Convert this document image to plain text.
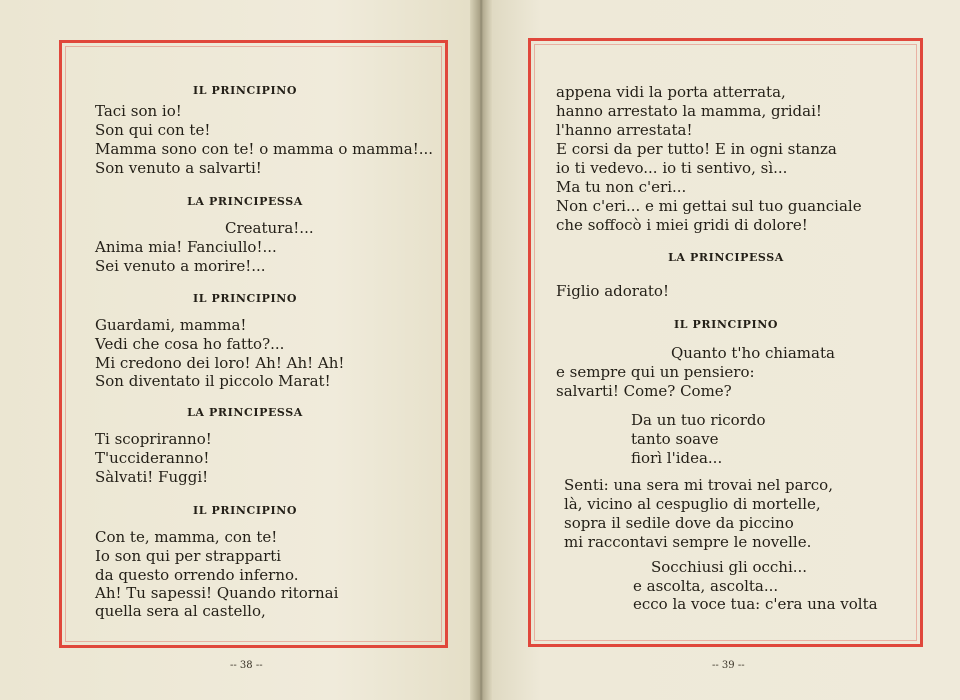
IL PRINCIPINO
Taci son io!
Son qui con te!
Mamma sono con te! o mamma o mamma!...
Son venuto a salvarti!
LA PRINCIPESSA
Creatura!...
Anima mia! Fanciullo!...
Sei venuto a morire!...
IL PRINCIPINO
Guardami, mamma!
Vedi che cosa ho fatto?...
Mi credono dei loro! Ah! Ah! Ah!
Son diventato il piccolo Marat!
LA PRINCIPESSA
Ti scopriranno!
T'uccideranno!
Sàlvati! Fuggi!
IL PRINCIPINO
Con te, mamma, con te!
Io son qui per strapparti
da questo orrendo inferno.
Ah! Tu sapessi! Quando ritornai
quella sera al castello,
-- 38 --
appena vidi la porta atterrata,
hanno arrestato la mamma, gridai!
l'hanno arrestata!
E corsi da per tutto! E in ogni stanza
io ti vedevo... io ti sentivo, sì...
Ma tu non c'eri...
Non c'eri... e mi gettai sul tuo guanciale
che soffocò i miei gridi di dolore!
LA PRINCIPESSA
Figlio adorato!
IL PRINCIPINO
Quanto t'ho chiamata
e sempre qui un pensiero:
salvarti! Come? Come?
Da un tuo ricordo
tanto soave
fiorì l'idea...
Senti: una sera mi trovai nel parco,
là, vicino al cespuglio di mortelle,
sopra il sedile dove da piccino
mi raccontavi sempre le novelle.
Socchiusi gli occhi...
e ascolta, ascolta...
ecco la voce tua: c'era una volta
-- 39 --
